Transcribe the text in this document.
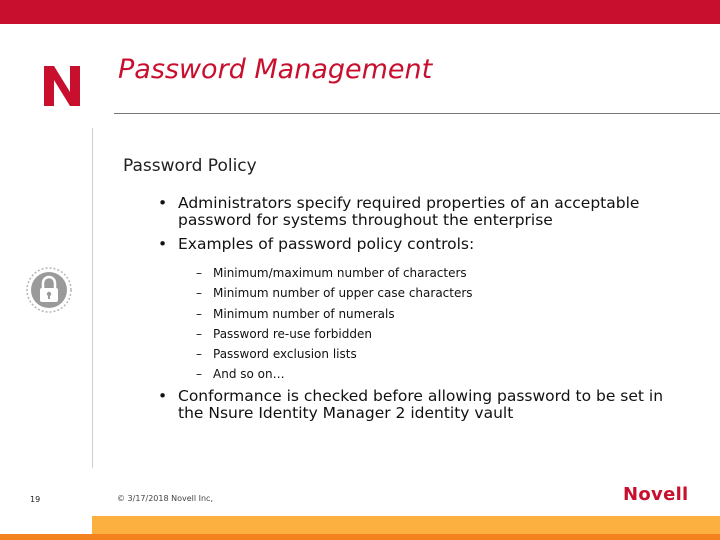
Password Management
Password Policy
• Administrators specify required properties of an acceptable password for systems throughout the enterprise
• Examples of password policy controls:
– Minimum/maximum number of characters
– Minimum number of upper case characters
– Minimum number of numerals
– Password re-use forbidden
– Password exclusion lists
– And so on…
• Conformance is checked before allowing password to be set in the Nsure Identity Manager 2 identity vault
19	© 3/17/2018 Novell Inc,	Novell
